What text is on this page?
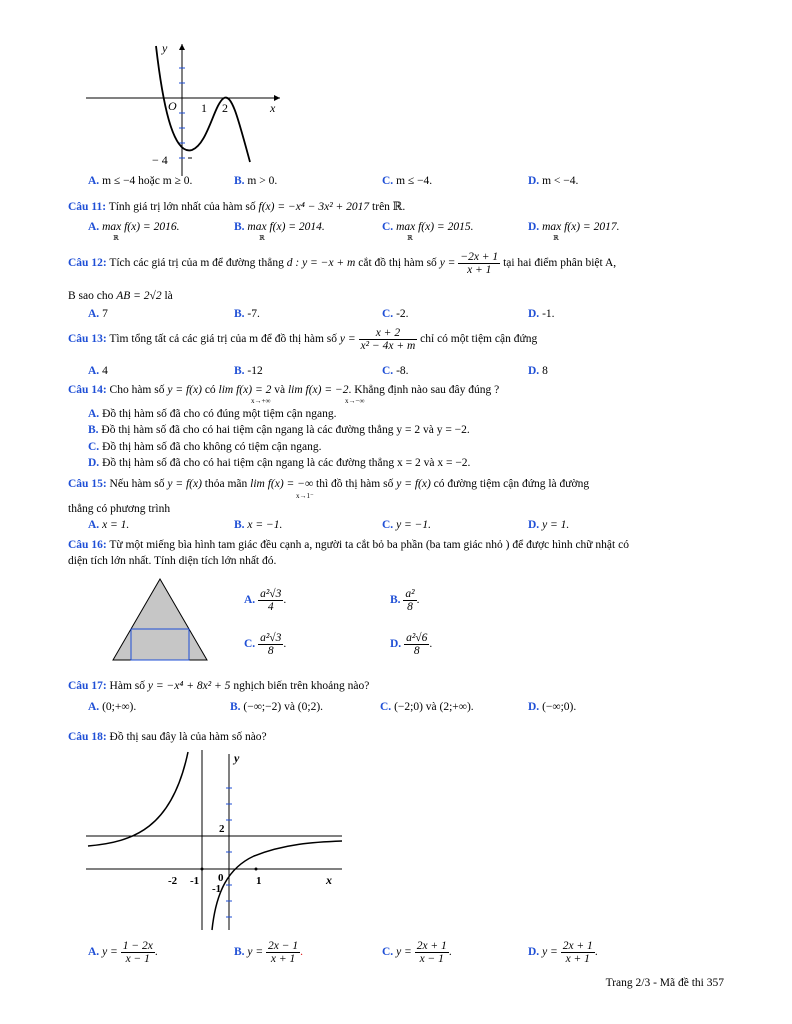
y
x
O 1 2
− 4
A. m ≤ −4 hoặc m ≥ 0.	B. m > 0.	C. m ≤ −4.	D. m < −4.
Câu 11: Tính giá trị lớn nhất của hàm số f(x) = −x⁴ − 3x² + 2017 trên ℝ.
A. max f(x) = 2016.	B. max f(x) = 2014.	C. max f(x) = 2015.	D. max f(x) = 2017.
ℝ	ℝ	ℝ	ℝ
Câu 12: Tích các giá trị của m để đường thẳng d : y = −x + m cắt đồ thị hàm số $y = \frac{-2x + 1}{x + 1}$ tại hai điểm phân biệt A,
B sao cho AB = 2√2 là
A. 7	B. -7.	C. -2.	D. -1.
Câu 13: Tìm tổng tất cả các giá trị của m để đồ thị hàm số $y = \frac{x + 2}{\text{x² − 4x + m}}$ chỉ có một tiệm cận đứng
A. 4	B. -12	C. -8.	D. 8
Câu 14: Cho hàm số y = f(x) có lim f(x) = 2 và lim f(x) = −2. Khẳng định nào sau đây đúng ?
x→+∞	x→−∞
A. Đồ thị hàm số đã cho có đúng một tiệm cận ngang.
B. Đồ thị hàm số đã cho có hai tiệm cận ngang là các đường thẳng y = 2 và y = −2.
C. Đồ thị hàm số đã cho không có tiệm cận ngang.
D. Đồ thị hàm số đã cho có hai tiệm cận ngang là các đường thẳng x = 2 và x = −2.
Câu 15: Nếu hàm số y = f(x) thỏa mãn lim f(x) = −∞ thì đồ thị hàm số y = f(x) có đường tiệm cận đứng là đường
x→1⁻
thẳng có phương trình
A. x = 1.	B. x = −1.	C. y = −1.	D. y = 1.
Câu 16: Từ một miếng bìa hình tam giác đều cạnh a, người ta cắt bỏ ba phần (ba tam giác nhỏ ) để được hình chữ nhật có
diện tích lớn nhất. Tính diện tích lớn nhất đó.
A. $\frac{\text{a²√3}}{4}$ .	B. $\frac{\text{a²}}{8}$ .
C. $\frac{\text{a²√3}}{8}$ .	D. $\frac{\text{a²√6}}{8}$ .
Câu 17: Hàm số y = −x⁴ + 8x² + 5 nghịch biến trên khoảng nào?
A. (0;+∞).	B. (−∞;−2) và (0;2).	C. (−2;0) và (2;+∞).	D. (−∞;0).
Câu 18: Đồ thị sau đây là của hàm số nào?
y
x
2
-2 -1 0
-1
1
A. $y = \frac{1 - 2x}{x - 1}$ .	B. $y = \frac{2x - 1}{x + 1}$ .	C. $y = \frac{2x + 1}{x - 1}$ .	D. $y = \frac{2x + 1}{x + 1}$ .
Trang 2/3 - Mã đề thi 357
